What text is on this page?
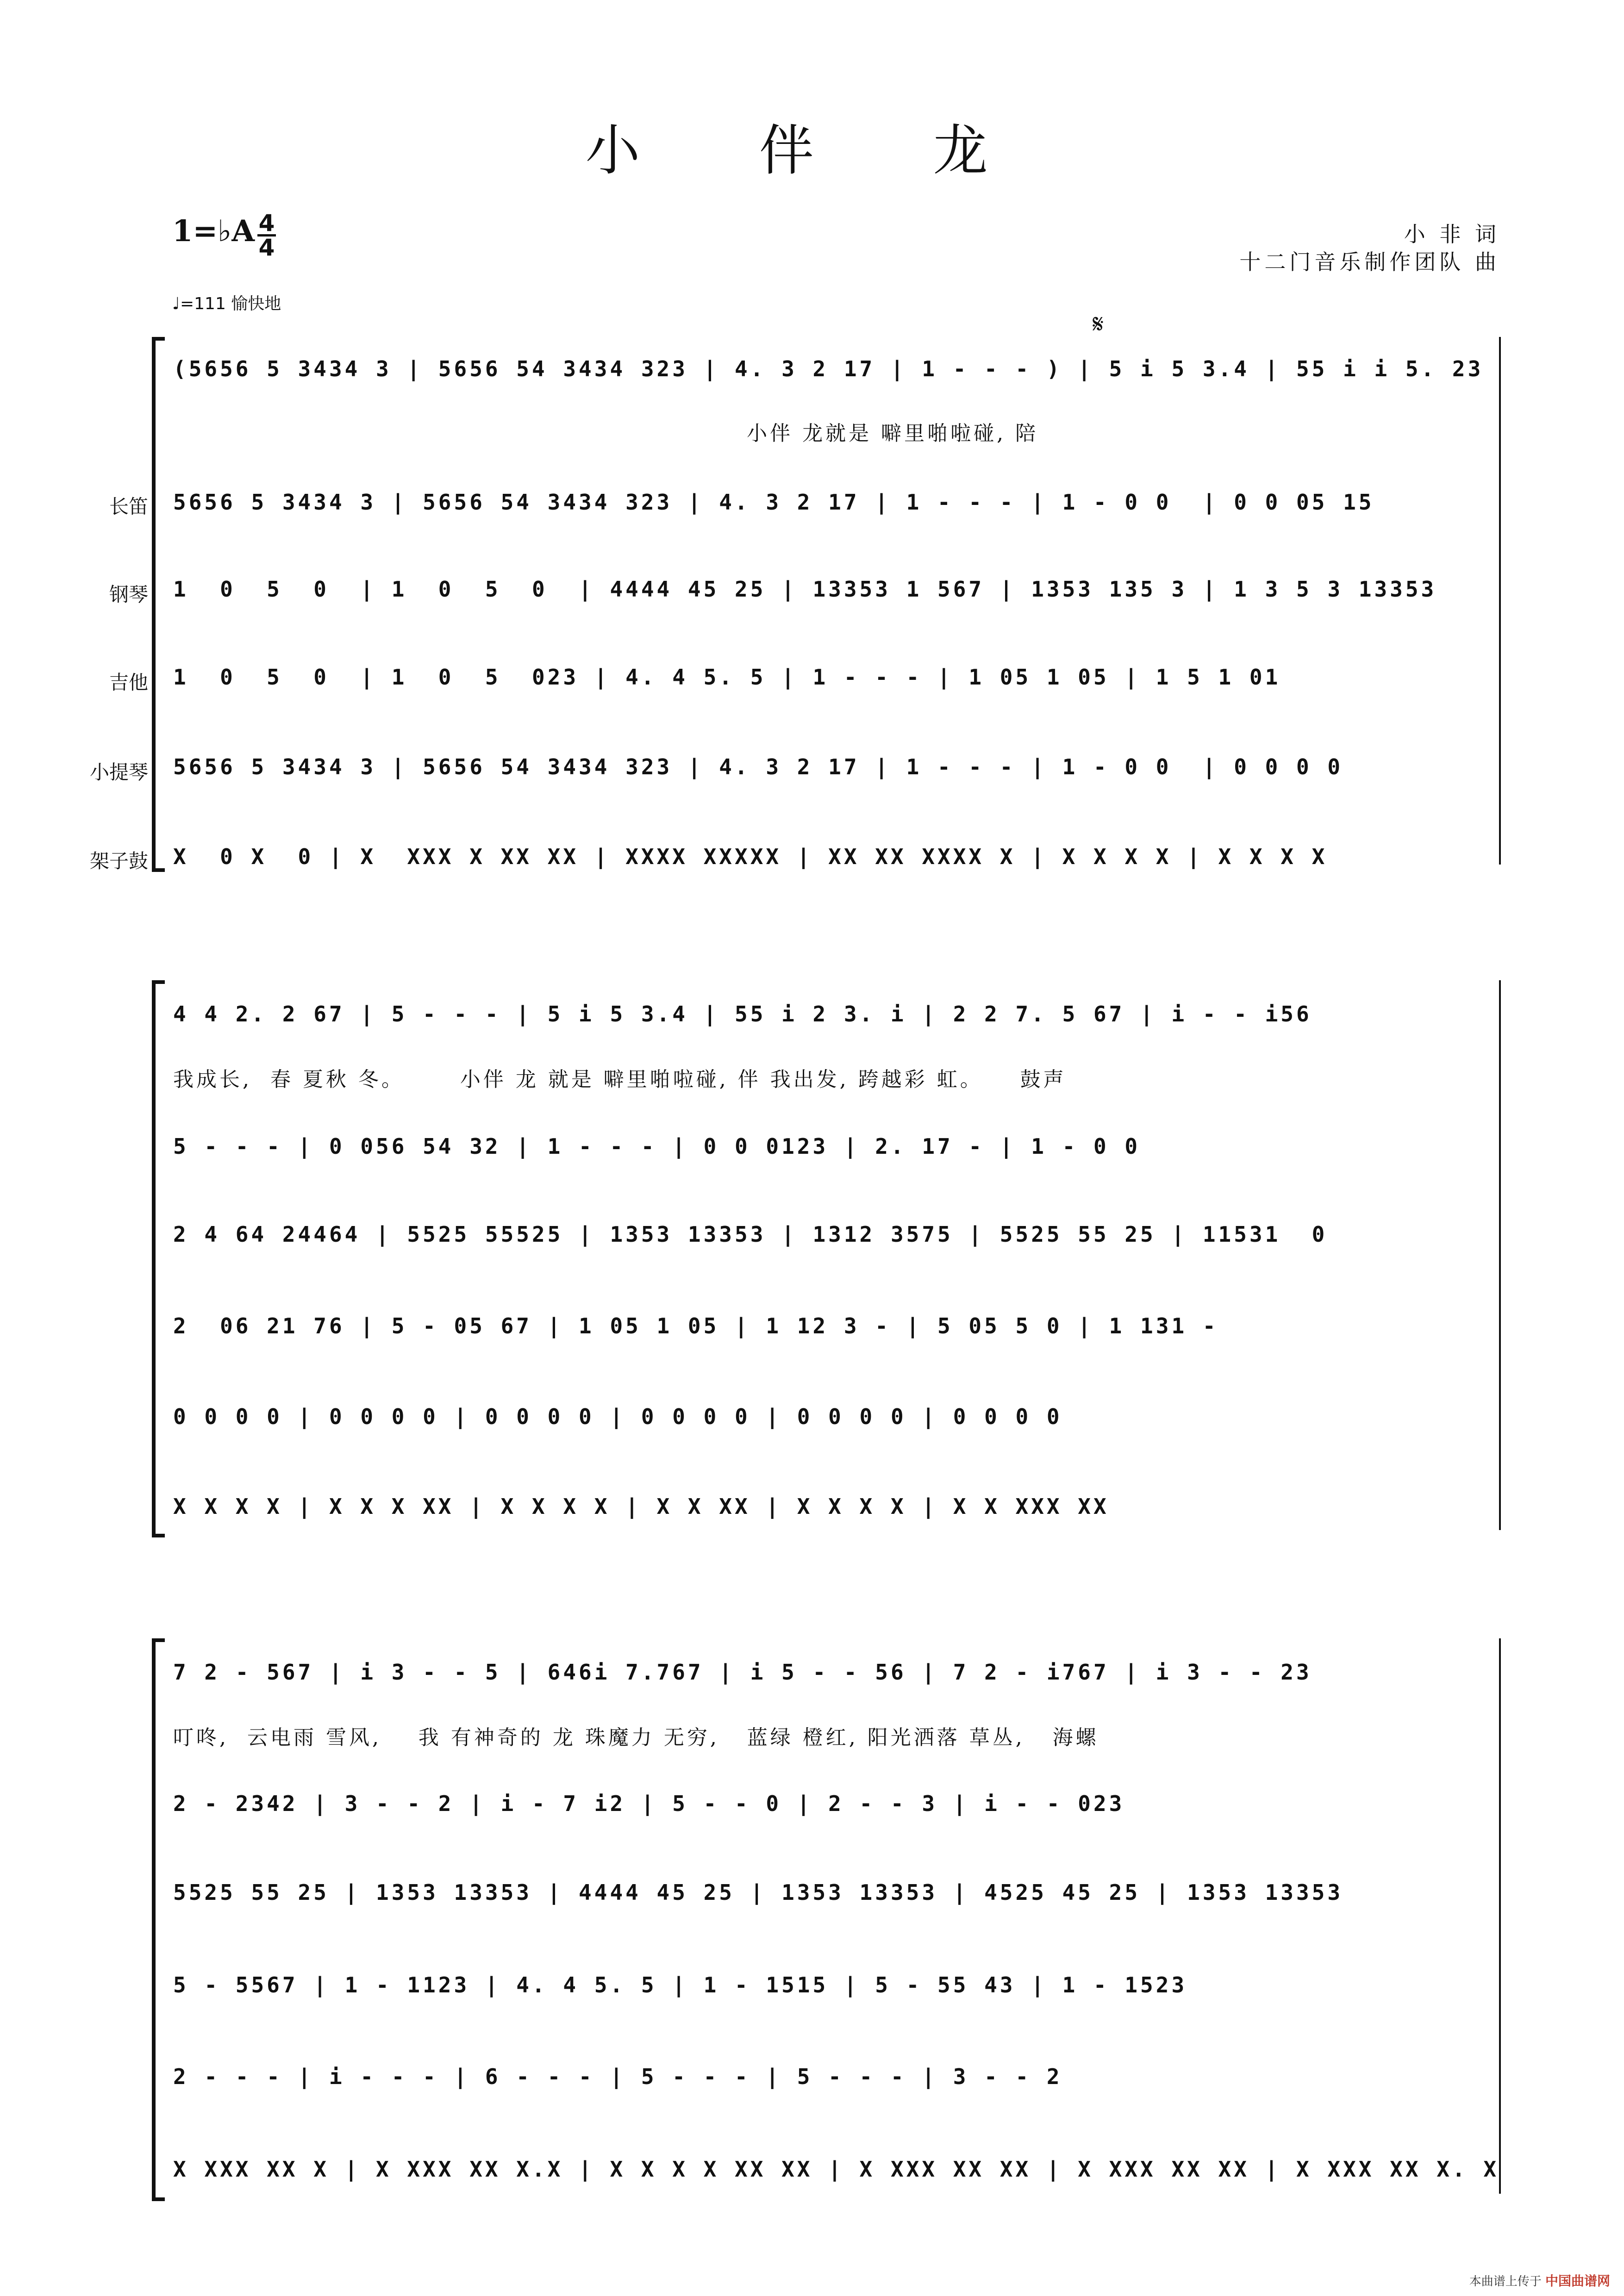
小 伴 龙
1=♭A 4
4	小 非 词
十二门音乐制作团队 曲
♩=111 愉快地
𝄋
(5656 5 3434 3 | 5656 54 3434 323 | 4. 3 2 17 | 1 - - - ) | 5 i 5 3.4 | 55 i i 5. 23
小伴 龙就是 噼里啪啦碰, 陪
长笛 5656 5 3434 3 | 5656 54 3434 323 | 4. 3 2 17 | 1 - - - | 1 - 0 0  | 0 0 05 15
钢琴 1  0  5  0  | 1  0  5  0  | 4444 45 25 | 13353 1 567 | 1353 135 3 | 1 3 5 3 13353
吉他 1  0  5  0  | 1  0  5  023 | 4. 4 5. 5 | 1 - - - | 1 05 1 05 | 1 5 1 01
小提琴 5656 5 3434 3 | 5656 54 3434 323 | 4. 3 2 17 | 1 - - - | 1 - 0 0  | 0 0 0 0
架子鼓 X  0 X  0 | X  XXX X XX XX | XXXX XXXXX | XX XX XXXX X | X X X X | X X X X
4 4 2. 2 67 | 5 - - - | 5 i 5 3.4 | 55 i 2 3. i | 2 2 7. 5 67 | i - - i56
我成长,  春 夏秋 冬。      小伴 龙 就是 噼里啪啦碰, 伴 我出发, 跨越彩 虹。    鼓声
5 - - - | 0 056 54 32 | 1 - - - | 0 0 0123 | 2. 17 - | 1 - 0 0
2 4 64 24464 | 5525 55525 | 1353 13353 | 1312 3575 | 5525 55 25 | 11531  0
2  06 21 76 | 5 - 05 67 | 1 05 1 05 | 1 12 3 - | 5 05 5 0 | 1 131 -
0 0 0 0 | 0 0 0 0 | 0 0 0 0 | 0 0 0 0 | 0 0 0 0 | 0 0 0 0
X X X X | X X X XX | X X X X | X X XX | X X X X | X X XXX XX
7 2 - 567 | i 3 - - 5 | 646i 7.767 | i 5 - - 56 | 7 2 - i767 | i 3 - - 23
叮咚,  云电雨 雪风,    我 有神奇的 龙 珠魔力 无穷,   蓝绿 橙红, 阳光洒落 草丛,   海螺
2 - 2342 | 3 - - 2 | i - 7 i2 | 5 - - 0 | 2 - - 3 | i - - 023
5525 55 25 | 1353 13353 | 4444 45 25 | 1353 13353 | 4525 45 25 | 1353 13353
5 - 5567 | 1 - 1123 | 4. 4 5. 5 | 1 - 1515 | 5 - 55 43 | 1 - 1523
2 - - - | i - - - | 6 - - - | 5 - - - | 5 - - - | 3 - - 2
X XXX XX X | X XXX XX X.X | X X X X XX XX | X XXX XX XX | X XXX XX XX | X XXX XX X. X
本曲谱上传于 中国曲谱网
